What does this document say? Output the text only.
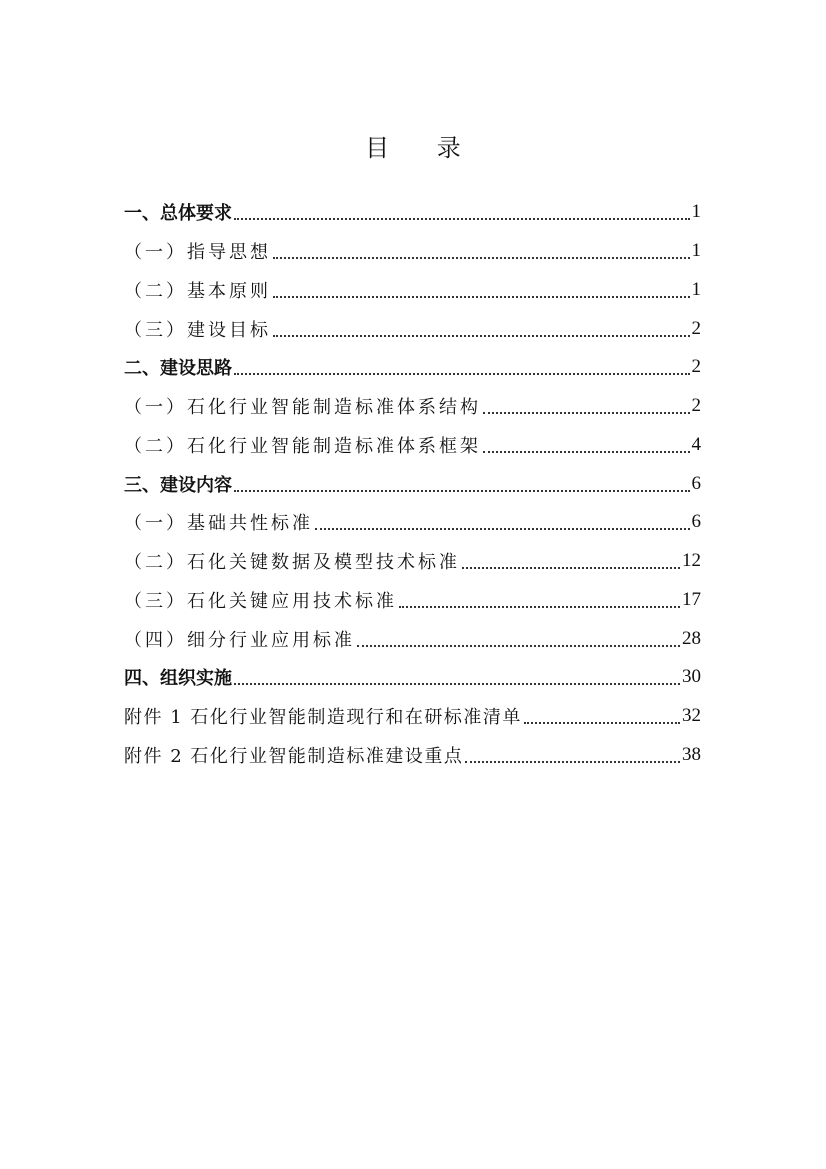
目 录
一、总体要求	1
（一）指导思想	1
（二）基本原则	1
（三）建设目标	2
二、建设思路	2
（一）石化行业智能制造标准体系结构	2
（二）石化行业智能制造标准体系框架	4
三、建设内容	6
（一）基础共性标准	6
（二）石化关键数据及模型技术标准	12
（三）石化关键应用技术标准	17
（四）细分行业应用标准	28
四、组织实施	30
附件 1 石化行业智能制造现行和在研标准清单	32
附件 2 石化行业智能制造标准建设重点	38
